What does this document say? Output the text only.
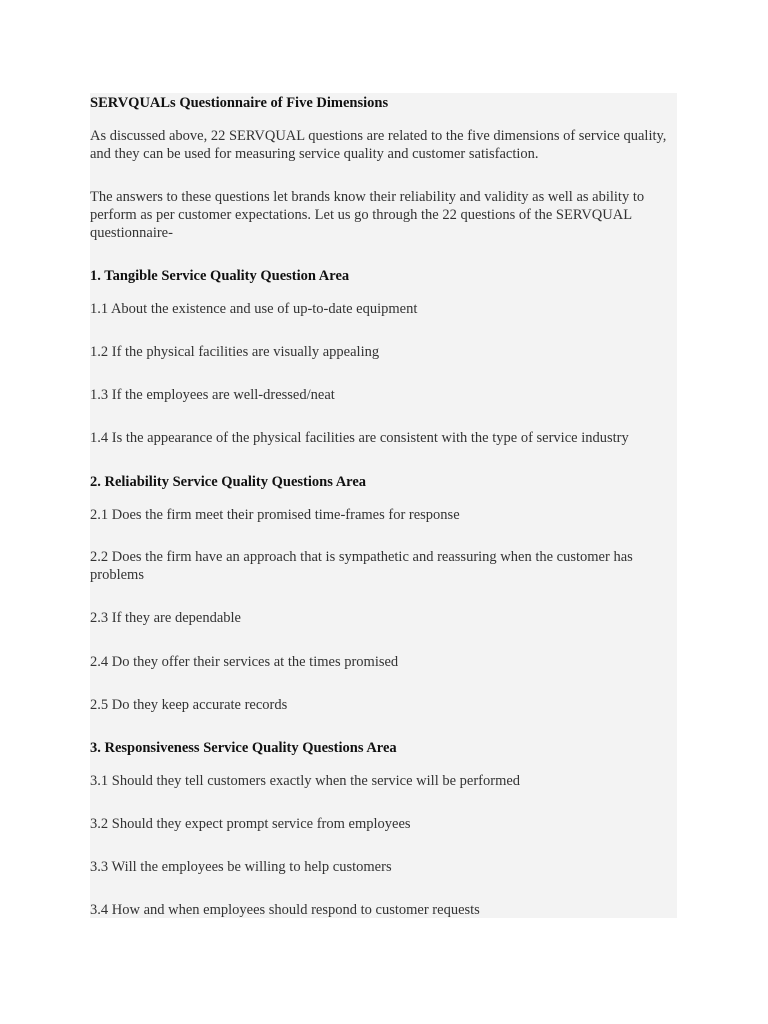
SERVQUALs Questionnaire of Five Dimensions

As discussed above, 22 SERVQUAL questions are related to the five dimensions of service quality, and they can be used for measuring service quality and customer satisfaction.

The answers to these questions let brands know their reliability and validity as well as ability to perform as per customer expectations. Let us go through the 22 questions of the SERVQUAL questionnaire-

1. Tangible Service Quality Question Area

1.1 About the existence and use of up-to-date equipment

1.2 If the physical facilities are visually appealing

1.3 If the employees are well-dressed/neat

1.4 Is the appearance of the physical facilities are consistent with the type of service industry

2. Reliability Service Quality Questions Area

2.1 Does the firm meet their promised time-frames for response

2.2 Does the firm have an approach that is sympathetic and reassuring when the customer has problems

2.3 If they are dependable

2.4 Do they offer their services at the times promised

2.5 Do they keep accurate records

3. Responsiveness Service Quality Questions Area

3.1 Should they tell customers exactly when the service will be performed

3.2 Should they expect prompt service from employees

3.3 Will the employees be willing to help customers

3.4 How and when employees should respond to customer requests
